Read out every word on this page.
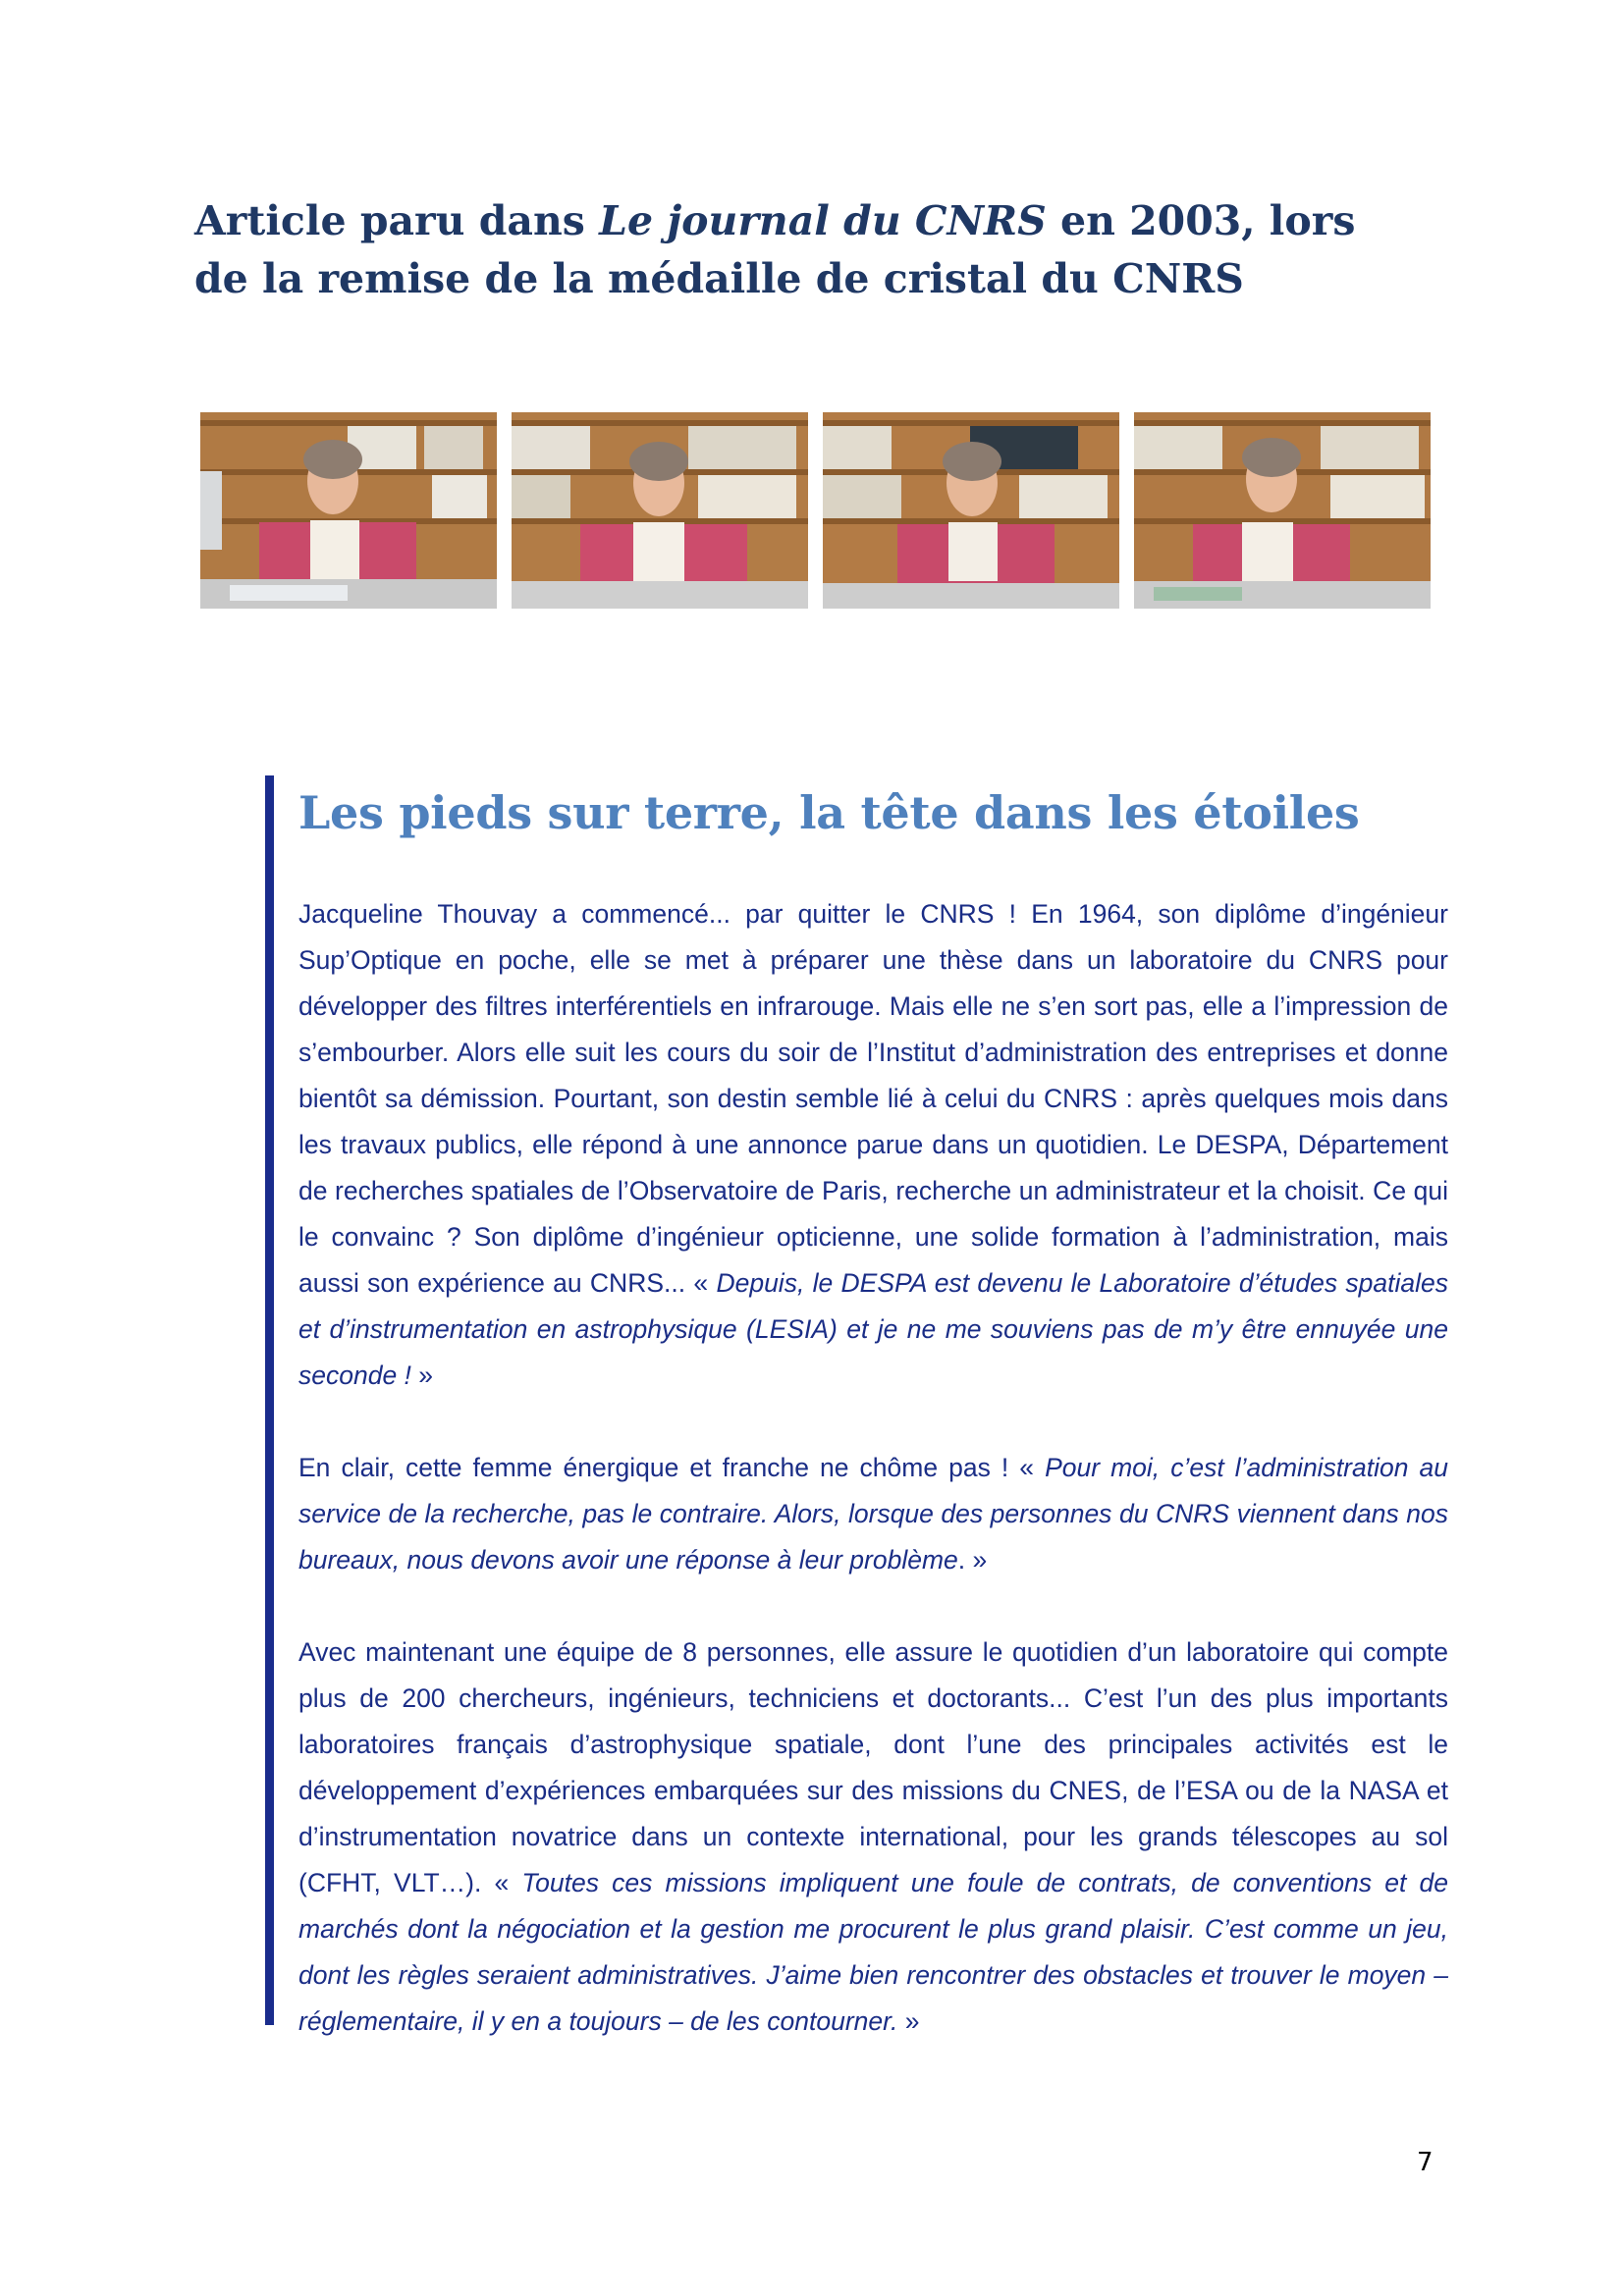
Article paru dans Le journal du CNRS en 2003, lors de la remise de la médaille de cristal du CNRS
Les pieds sur terre, la tête dans les étoiles

Jacqueline Thouvay a commencé... par quitter le CNRS ! En 1964, son diplôme d’ingénieur Sup’Optique en poche, elle se met à préparer une thèse dans un laboratoire du CNRS pour développer des filtres interférentiels en infrarouge. Mais elle ne s’en sort pas, elle a l’impression de s’embourber. Alors elle suit les cours du soir de l’Institut d’administration des entreprises et donne bientôt sa démission. Pourtant, son destin semble lié à celui du CNRS : après quelques mois dans les travaux publics, elle répond à une annonce parue dans un quotidien. Le DESPA, Département de recherches spatiales de l’Observatoire de Paris, recherche un administrateur et la choisit. Ce qui le convainc ? Son diplôme d’ingénieur opticienne, une solide formation à l’administration, mais aussi son expérience au CNRS... « Depuis, le DESPA est devenu le Laboratoire d’études spatiales et d’instrumentation en astrophysique (LESIA) et je ne me souviens pas de m’y être ennuyée une seconde ! »

En clair, cette femme énergique et franche ne chôme pas ! « Pour moi, c’est l’administration au service de la recherche, pas le contraire. Alors, lorsque des personnes du CNRS viennent dans nos bureaux, nous devons avoir une réponse à leur problème. »

Avec maintenant une équipe de 8 personnes, elle assure le quotidien d’un laboratoire qui compte plus de 200 chercheurs, ingénieurs, techniciens et doctorants... C’est l’un des plus importants laboratoires français d’astrophysique spatiale, dont l’une des principales activités est le développement d’expériences embarquées sur des missions du CNES, de l’ESA ou de la NASA et d’instrumentation novatrice dans un contexte international, pour les grands télescopes au sol (CFHT, VLT…). « Toutes ces missions impliquent une foule de contrats, de conventions et de marchés dont la négociation et la gestion me procurent le plus grand plaisir. C’est comme un jeu, dont les règles seraient administratives. J’aime bien rencontrer des obstacles et trouver le moyen – réglementaire, il y en a toujours – de les contourner. »

7
